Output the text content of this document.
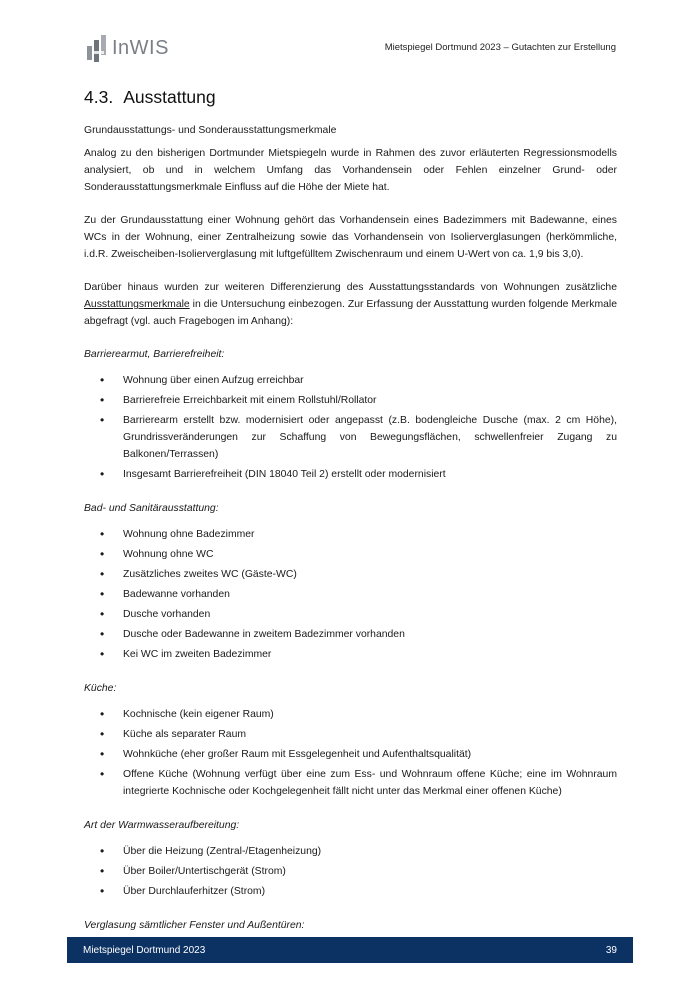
InWIS	Mietspiegel Dortmund 2023 – Gutachten zur Erstellung
4.3. Ausstattung

Grundausstattungs- und Sonderausstattungsmerkmale

Analog zu den bisherigen Dortmunder Mietspiegeln wurde in Rahmen des zuvor erläuterten Regressionsmodells analysiert, ob und in welchem Umfang das Vorhandensein oder Fehlen einzelner Grund- oder Sonderausstattungsmerkmale Einfluss auf die Höhe der Miete hat.

Zu der Grundausstattung einer Wohnung gehört das Vorhandensein eines Badezimmers mit Badewanne, eines WCs in der Wohnung, einer Zentralheizung sowie das Vorhandensein von Isolierverglasungen (herkömmliche, i.d.R. Zweischeiben-Isolierverglasung mit luftgefülltem Zwischenraum und einem U-Wert von ca. 1,9 bis 3,0).

Darüber hinaus wurden zur weiteren Differenzierung des Ausstattungsstandards von Wohnungen zusätzliche Ausstattungsmerkmale in die Untersuchung einbezogen. Zur Erfassung der Ausstattung wurden folgende Merkmale abgefragt (vgl. auch Fragebogen im Anhang):

Barrierearmut, Barrierefreiheit:

• Wohnung über einen Aufzug erreichbar
• Barrierefreie Erreichbarkeit mit einem Rollstuhl/Rollator
• Barrierearm erstellt bzw. modernisiert oder angepasst (z.B. bodengleiche Dusche (max. 2 cm Höhe), Grundrissveränderungen zur Schaffung von Bewegungsflächen, schwellenfreier Zugang zu Balkonen/Terrassen)
• Insgesamt Barrierefreiheit (DIN 18040 Teil 2) erstellt oder modernisiert

Bad- und Sanitärausstattung:

• Wohnung ohne Badezimmer
• Wohnung ohne WC
• Zusätzliches zweites WC (Gäste-WC)
• Badewanne vorhanden
• Dusche vorhanden
• Dusche oder Badewanne in zweitem Badezimmer vorhanden
• Kei WC im zweiten Badezimmer

Küche:

• Kochnische (kein eigener Raum)
• Küche als separater Raum
• Wohnküche (eher großer Raum mit Essgelegenheit und Aufenthaltsqualität)
• Offene Küche (Wohnung verfügt über eine zum Ess- und Wohnraum offene Küche; eine im Wohnraum integrierte Kochnische oder Kochgelegenheit fällt nicht unter das Merkmal einer offenen Küche)

Art der Warmwasseraufbereitung:

• Über die Heizung (Zentral-/Etagenheizung)
• Über Boiler/Untertischgerät (Strom)
• Über Durchlauferhitzer (Strom)

Verglasung sämtlicher Fenster und Außentüren:

Mietspiegel Dortmund 2023	39
